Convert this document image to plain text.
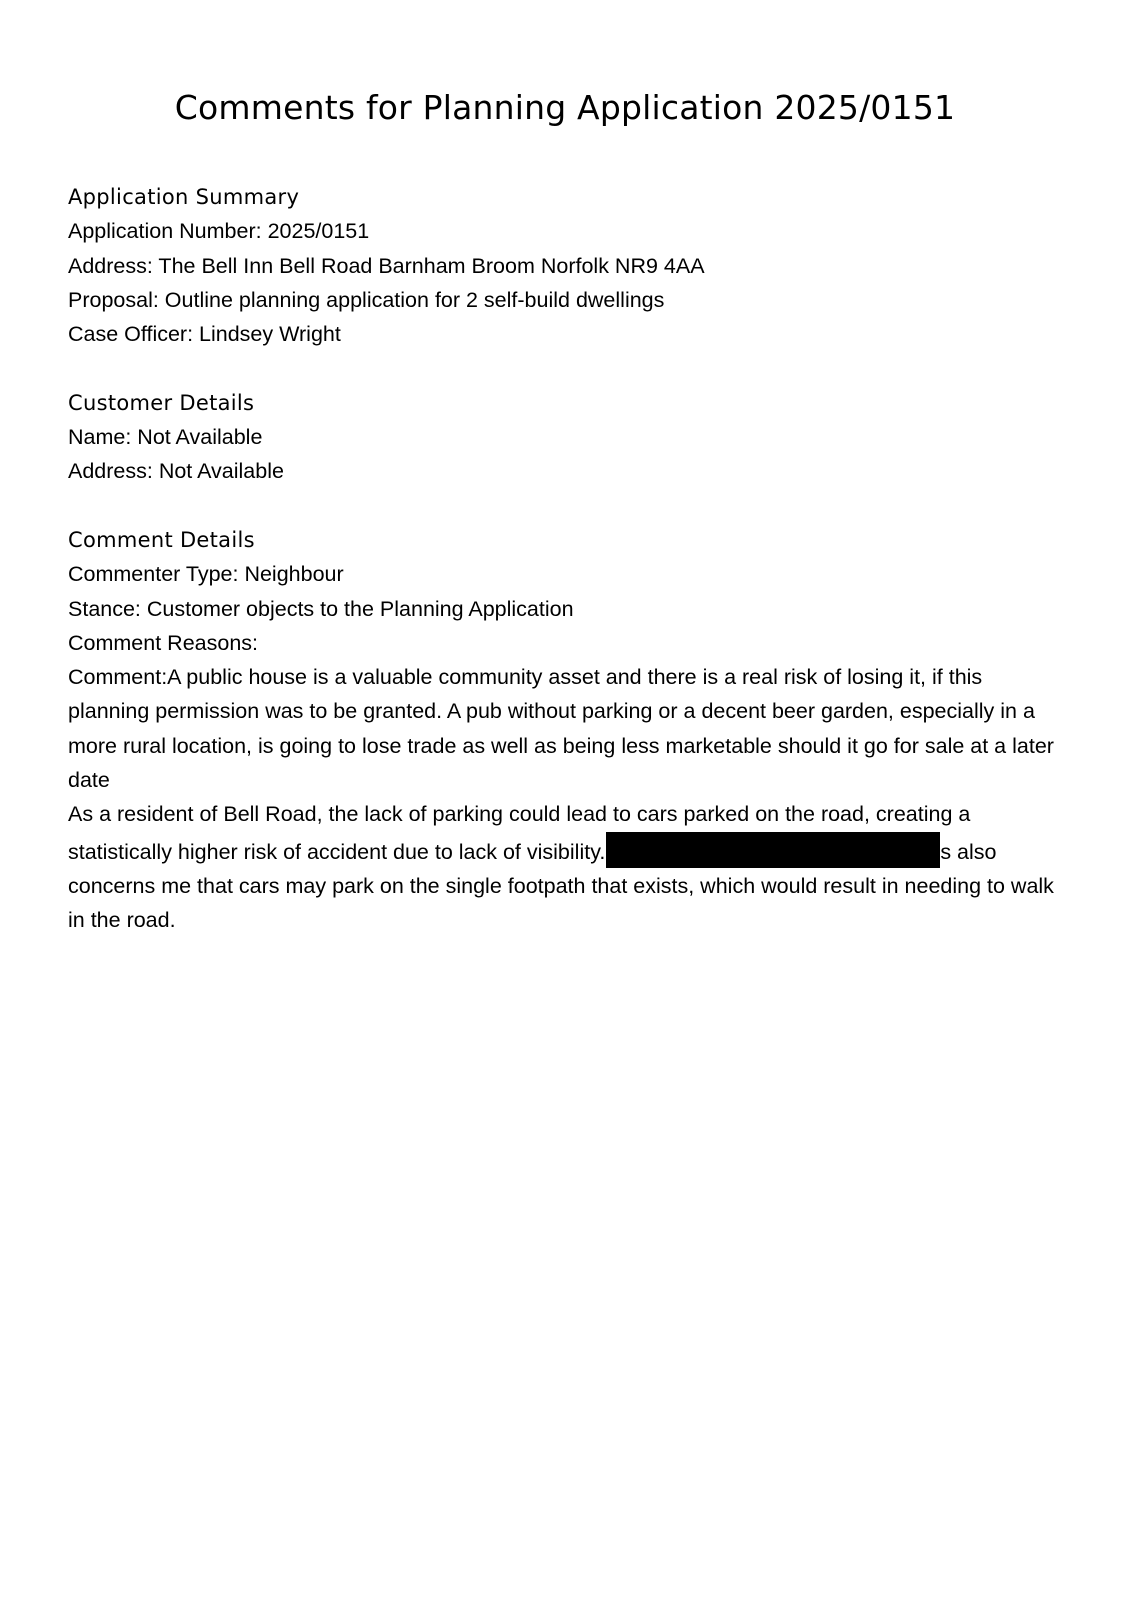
Comments for Planning Application 2025/0151
Application Summary
Application Number: 2025/0151
Address: The Bell Inn Bell Road Barnham Broom Norfolk NR9 4AA
Proposal: Outline planning application for 2 self-build dwellings
Case Officer: Lindsey Wright
Customer Details
Name: Not Available
Address: Not Available
Comment Details
Commenter Type: Neighbour
Stance: Customer objects to the Planning Application
Comment Reasons:
Comment:A public house is a valuable community asset and there is a real risk of losing it, if this planning permission was to be granted. A pub without parking or a decent beer garden, especially in a more rural location, is going to lose trade as well as being less marketable should it go for sale at a later date
As a resident of Bell Road, the lack of parking could lead to cars parked on the road, creating a statistically higher risk of accident due to lack of visibility.	s also concerns me that cars may park on the single footpath that exists, which would result in needing to walk in the road.
